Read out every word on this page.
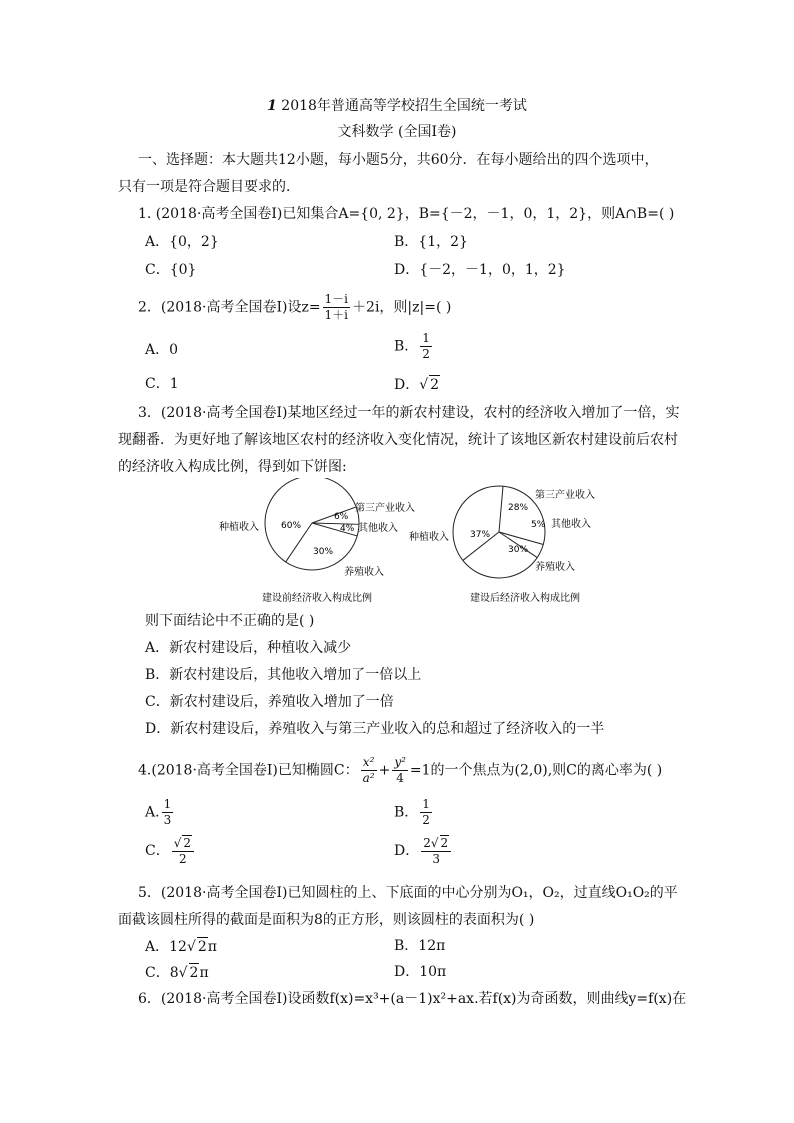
1 2018年普通高等学校招生全国统一考试
文科数学 (全国Ⅰ卷)
一、选择题：本大题共12小题，每小题5分，共60分．在每小题给出的四个选项中，
只有一项是符合题目要求的．
1. (2018·高考全国卷Ⅰ)已知集合A={0, 2}，B={－2，－1，0，1，2}，则A∩B=( )
A．{0，2}	B．{1，2}
C．{0}	D．{－2，－1，0，1，2}
2．(2018·高考全国卷Ⅰ)设$z= \frac{1-i}{1+i} +2i$，则|z|=( )
A．0	B． $\frac{1}{2}$
C．1	D．√ 2
3．(2018·高考全国卷Ⅰ)某地区经过一年的新农村建设，农村的经济收入增加了一倍，实
现翻番．为更好地了解该地区农村的经济收入变化情况，统计了该地区新农村建设前后农村
的经济收入构成比例，得到如下饼图:
种植收入
第三产业收入
其他收入
养殖收入
60%
6%
4%
30%
建设前经济收入构成比例
种植收入
第三产业收入
其他收入
养殖收入
37%
28%
5%
30%
建设后经济收入构成比例
则下面结论中不正确的是( )
A．新农村建设后，种植收入减少
B．新农村建设后，其他收入增加了一倍以上
C．新农村建设后，养殖收入增加了一倍
D．新农村建设后，养殖收入与第三产业收入的总和超过了经济收入的一半
4.(2018·高考全国卷Ⅰ)已知椭圆C： $\frac{\text{x²}}{\text{a²}} + \frac{\text{y²}}{4} =1$的一个焦点为(2,0),则C的离心率为( )
A. $\frac{1}{3}$	B． $\frac{1}{2}$
C． $\frac{√ 2}{2}$	D． $\frac{2√ 2}{3}$
5．(2018·高考全国卷Ⅰ)已知圆柱的上、下底面的中心分别为O₁，O₂，过直线O₁O₂的平
面截该圆柱所得的截面是面积为8的正方形，则该圆柱的表面积为( )
A．12√ 2π	B．12π
C．8√ 2π	D．10π
6．(2018·高考全国卷Ⅰ)设函数f(x)=x³+(a－1)x²+ax.若f(x)为奇函数，则曲线y=f(x)在
